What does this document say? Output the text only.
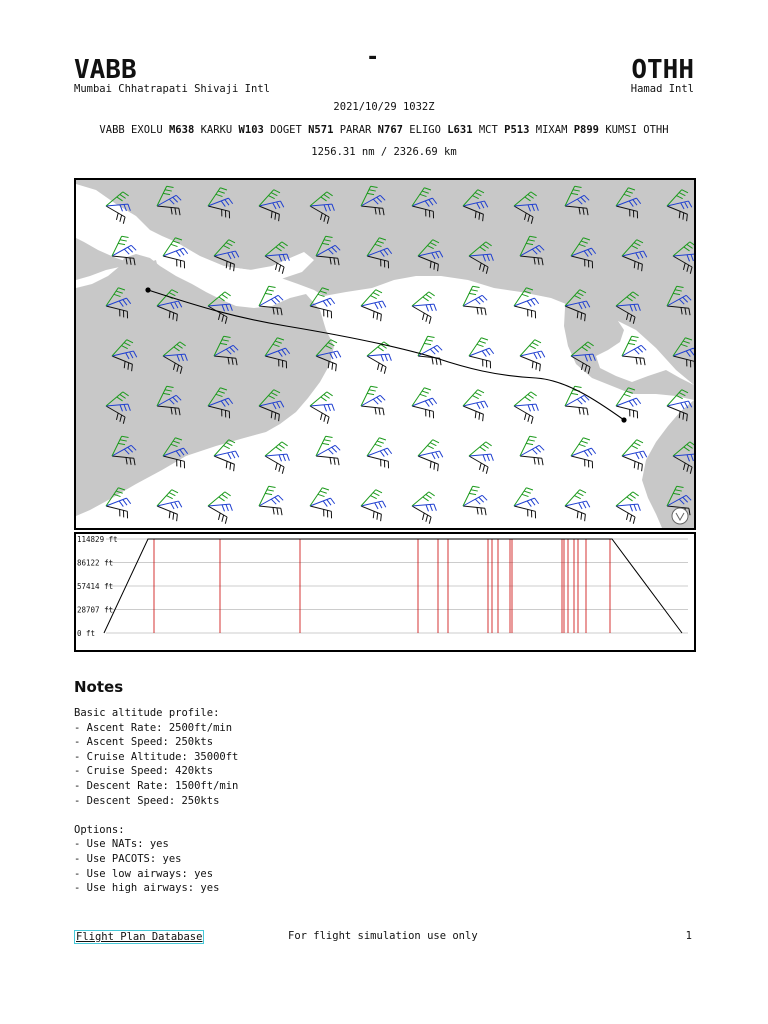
VABB	-	OTHH
Mumbai Chhatrapati Shivaji Intl	Hamad Intl
2021/10/29 1032Z
VABB EXOLU M638 KARKU W103 DOGET N571 PARAR N767 ELIGO L631 MCT P513 MIXAM P899 KUMSI OTHH
1256.31 nm / 2326.69 km
114829 ft
86122 ft
57414 ft
28707 ft
0 ft
Notes
Basic altitude profile:
- Ascent Rate: 2500ft/min
- Ascent Speed: 250kts
- Cruise Altitude: 35000ft
- Cruise Speed: 420kts
- Descent Rate: 1500ft/min
- Descent Speed: 250kts

Options:
- Use NATs: yes
- Use PACOTS: yes
- Use low airways: yes
- Use high airways: yes
Flight Plan Database	For flight simulation use only	1
